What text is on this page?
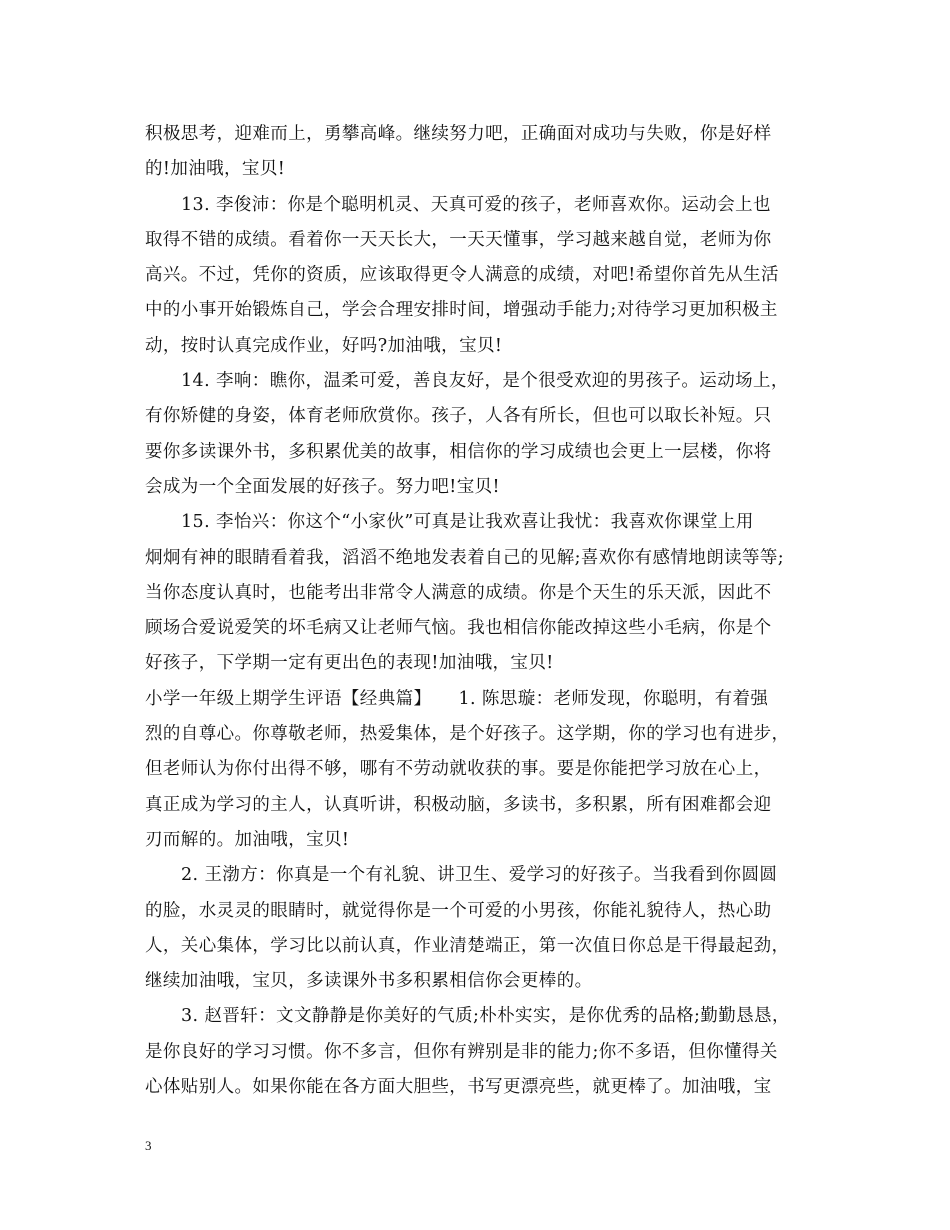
积极思考，迎难而上，勇攀高峰。继续努力吧，正确面对成功与失败，你是好样
的!加油哦，宝贝!
13. 李俊沛：你是个聪明机灵、天真可爱的孩子，老师喜欢你。运动会上也
取得不错的成绩。看着你一天天长大，一天天懂事，学习越来越自觉，老师为你
高兴。不过，凭你的资质，应该取得更令人满意的成绩，对吧!希望你首先从生活
中的小事开始锻炼自己，学会合理安排时间，增强动手能力;对待学习更加积极主
动，按时认真完成作业，好吗?加油哦，宝贝!
14. 李响：瞧你，温柔可爱，善良友好，是个很受欢迎的男孩子。运动场上，
有你矫健的身姿，体育老师欣赏你。孩子，人各有所长，但也可以取长补短。只
要你多读课外书，多积累优美的故事，相信你的学习成绩也会更上一层楼，你将
会成为一个全面发展的好孩子。努力吧!宝贝!
15. 李怡兴：你这个“小家伙”可真是让我欢喜让我忧：我喜欢你课堂上用
炯炯有神的眼睛看着我，滔滔不绝地发表着自己的见解;喜欢你有感情地朗读等等;
当你态度认真时，也能考出非常令人满意的成绩。你是个天生的乐天派，因此不
顾场合爱说爱笑的坏毛病又让老师气恼。我也相信你能改掉这些小毛病，你是个
好孩子，下学期一定有更出色的表现!加油哦，宝贝!
小学一年级上期学生评语【经典篇】　　1. 陈思璇：老师发现，你聪明，有着强
烈的自尊心。你尊敬老师，热爱集体，是个好孩子。这学期，你的学习也有进步，
但老师认为你付出得不够，哪有不劳动就收获的事。要是你能把学习放在心上，
真正成为学习的主人，认真听讲，积极动脑，多读书，多积累，所有困难都会迎
刃而解的。加油哦，宝贝!
2. 王渤方：你真是一个有礼貌、讲卫生、爱学习的好孩子。当我看到你圆圆
的脸，水灵灵的眼睛时，就觉得你是一个可爱的小男孩，你能礼貌待人，热心助
人，关心集体，学习比以前认真，作业清楚端正，第一次值日你总是干得最起劲，
继续加油哦，宝贝，多读课外书多积累相信你会更棒的。
3. 赵晋轩：文文静静是你美好的气质;朴朴实实，是你优秀的品格;勤勤恳恳，
是你良好的学习习惯。你不多言，但你有辨别是非的能力;你不多语，但你懂得关
心体贴别人。如果你能在各方面大胆些，书写更漂亮些，就更棒了。加油哦，宝
3
